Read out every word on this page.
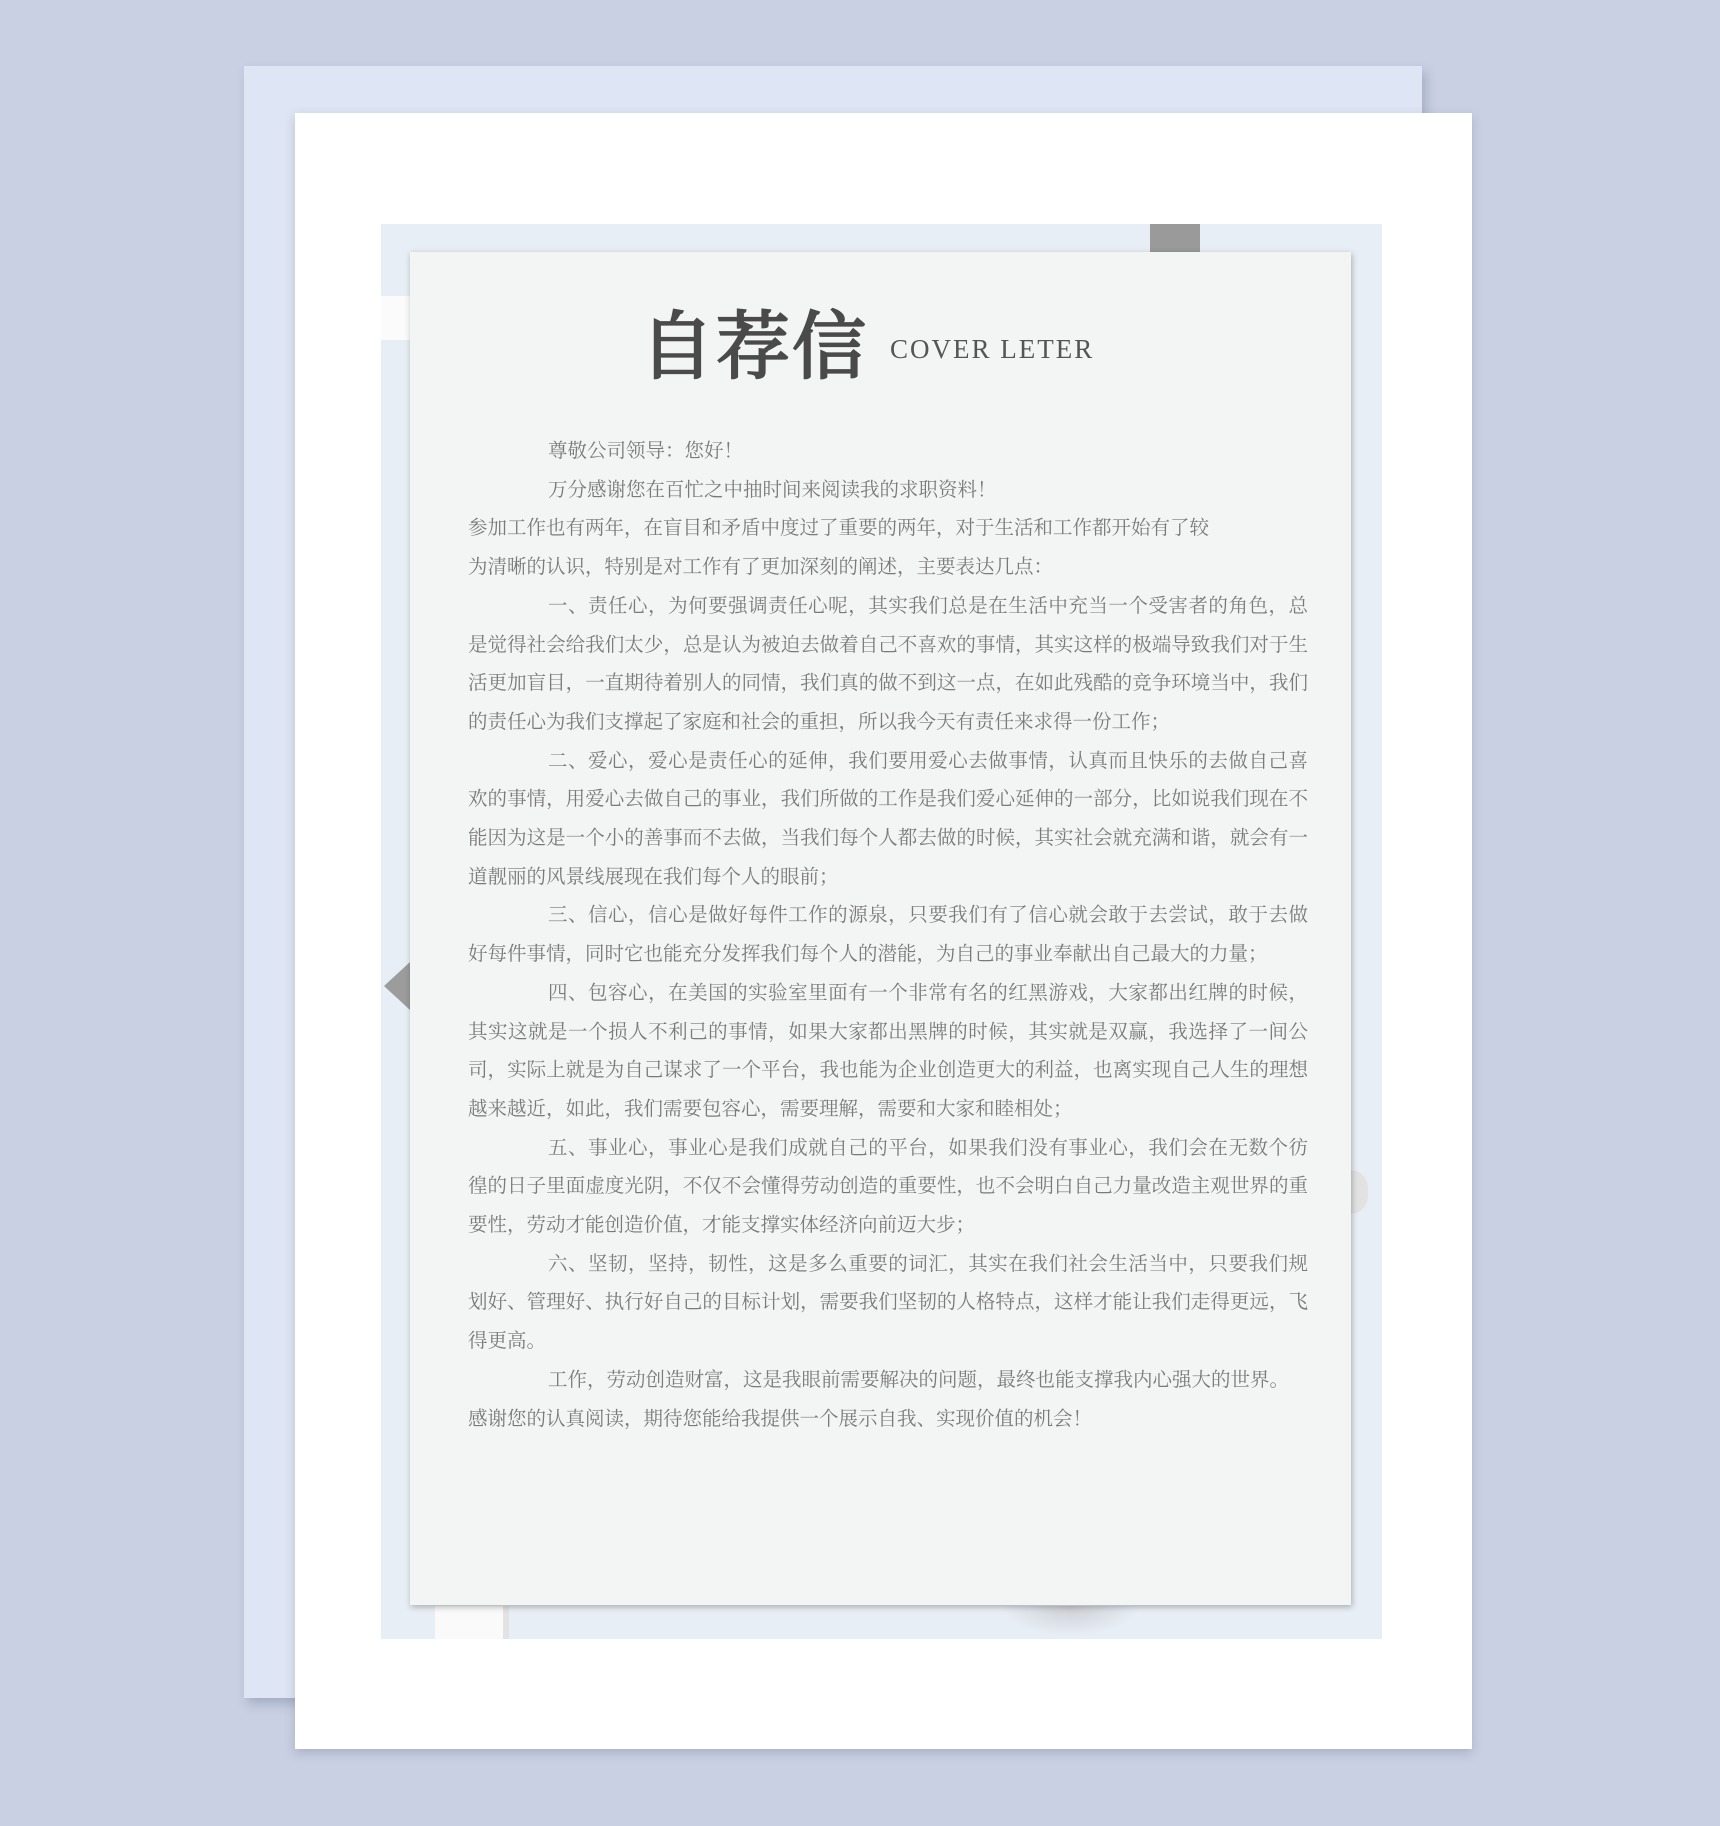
自荐信 COVER LETER

尊敬公司领导：您好！

万分感谢您在百忙之中抽时间来阅读我的求职资料！

参加工作也有两年，在盲目和矛盾中度过了重要的两年，对于生活和工作都开始有了较
为清晰的认识，特别是对工作有了更加深刻的阐述，主要表达几点：

一、责任心，为何要强调责任心呢，其实我们总是在生活中充当一个受害者的角色，总是觉得社会给我们太少，总是认为被迫去做着自己不喜欢的事情，其实这样的极端导致我们对于生活更加盲目，一直期待着别人的同情，我们真的做不到这一点，在如此残酷的竞争环境当中，我们的责任心为我们支撑起了家庭和社会的重担，所以我今天有责任来求得一份工作；

二、爱心，爱心是责任心的延伸，我们要用爱心去做事情，认真而且快乐的去做自己喜欢的事情，用爱心去做自己的事业，我们所做的工作是我们爱心延伸的一部分，比如说我们现在不能因为这是一个小的善事而不去做，当我们每个人都去做的时候，其实社会就充满和谐，就会有一道靓丽的风景线展现在我们每个人的眼前；

三、信心，信心是做好每件工作的源泉，只要我们有了信心就会敢于去尝试，敢于去做好每件事情，同时它也能充分发挥我们每个人的潜能，为自己的事业奉献出自己最大的力量；

四、包容心，在美国的实验室里面有一个非常有名的红黑游戏，大家都出红牌的时候，其实这就是一个损人不利己的事情，如果大家都出黑牌的时候，其实就是双赢，我选择了一间公司，实际上就是为自己谋求了一个平台，我也能为企业创造更大的利益，也离实现自己人生的理想越来越近，如此，我们需要包容心，需要理解，需要和大家和睦相处；

五、事业心，事业心是我们成就自己的平台，如果我们没有事业心，我们会在无数个彷徨的日子里面虚度光阴，不仅不会懂得劳动创造的重要性，也不会明白自己力量改造主观世界的重要性，劳动才能创造价值，才能支撑实体经济向前迈大步；

六、坚韧，坚持，韧性，这是多么重要的词汇，其实在我们社会生活当中，只要我们规划好、管理好、执行好自己的目标计划，需要我们坚韧的人格特点，这样才能让我们走得更远，飞得更高。

工作，劳动创造财富，这是我眼前需要解决的问题，最终也能支撑我内心强大的世界。

感谢您的认真阅读，期待您能给我提供一个展示自我、实现价值的机会！
